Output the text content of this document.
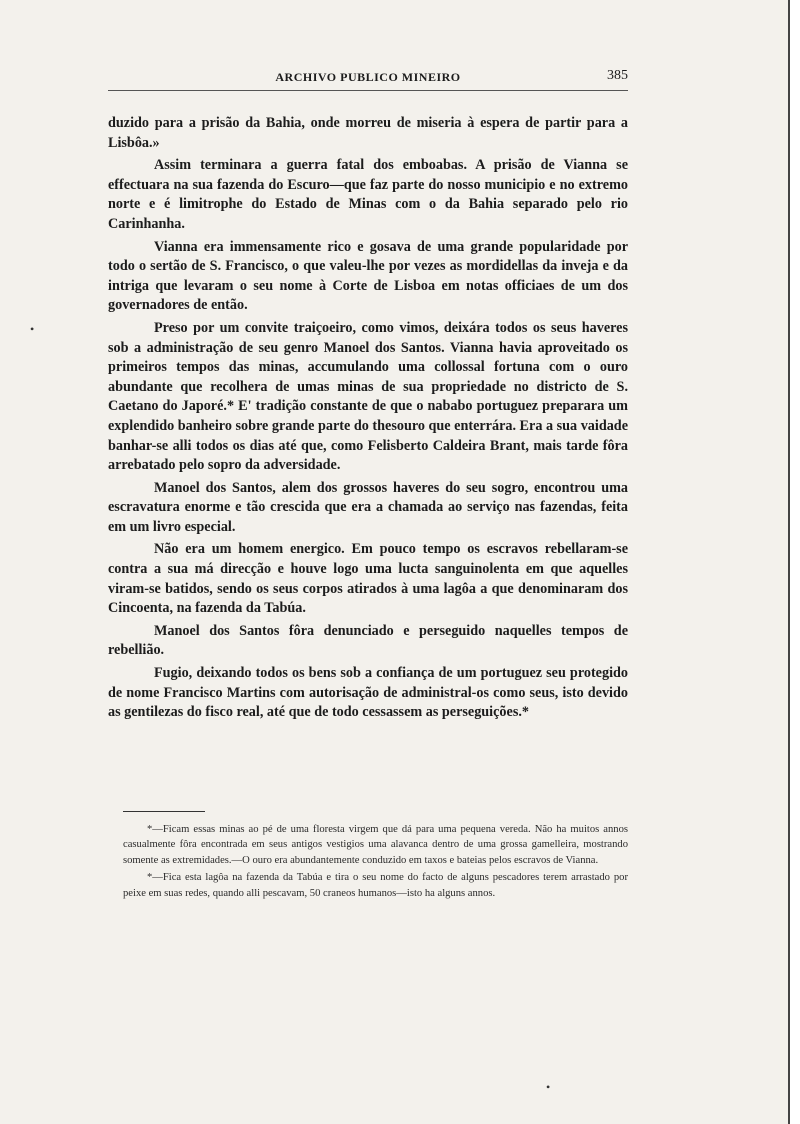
ARCHIVO PUBLICO MINEIRO	385

duzido para a prisão da Bahia, onde morreu de miseria à espera de partir para a Lisbôa.»

Assim terminara a guerra fatal dos emboabas. A prisão de Vianna se effectuara na sua fazenda do Escuro—que faz parte do nosso municipio e no extremo norte e é limitrophe do Estado de Minas com o da Bahia separado pelo rio Carinhanha.

Vianna era immensamente rico e gosava de uma grande popularidade por todo o sertão de S. Francisco, o que valeu-lhe por vezes as mordidellas da inveja e da intriga que levaram o seu nome à Corte de Lisboa em notas officiaes de um dos governadores de então.

Preso por um convite traiçoeiro, como vimos, deixára todos os seus haveres sob a administração de seu genro Manoel dos Santos. Vianna havia aproveitado os primeiros tempos das minas, accumulando uma collossal fortuna com o ouro abundante que recolhera de umas minas de sua propriedade no districto de S. Caetano do Japoré.* E' tradição constante de que o nababo portuguez preparara um explendido banheiro sobre grande parte do thesouro que enterrára. Era a sua vaidade banhar-se alli todos os dias até que, como Felisberto Caldeira Brant, mais tarde fôra arrebatado pelo sopro da adversidade.

Manoel dos Santos, alem dos grossos haveres do seu sogro, encontrou uma escravatura enorme e tão crescida que era a chamada ao serviço nas fazendas, feita em um livro especial.

Não era um homem energico. Em pouco tempo os escravos rebellaram-se contra a sua má direcção e houve logo uma lucta sanguinolenta em que aquelles viram-se batidos, sendo os seus corpos atirados à uma lagôa a que denominaram dos Cincoenta, na fazenda da Tabúa.

Manoel dos Santos fôra denunciado e perseguido naquelles tempos de rebellião.

Fugio, deixando todos os bens sob a confiança de um portuguez seu protegido de nome Francisco Martins com autorisação de administral-os como seus, isto devido as gentilezas do fisco real, até que de todo cessassem as perseguições.*

*—Ficam essas minas ao pé de uma floresta virgem que dá para uma pequena vereda. Não ha muitos annos casualmente fôra encontrada em seus antigos vestigios uma alavanca dentro de uma grossa gamelleira, mostrando somente as extremidades.—O ouro era abundantemente conduzido em taxos e bateias pelos escravos de Vianna.

*—Fica esta lagôa na fazenda da Tabúa e tira o seu nome do facto de alguns pescadores terem arrastado por peixe em suas redes, quando alli pescavam, 50 craneos humanos—isto ha alguns annos.

•
•
